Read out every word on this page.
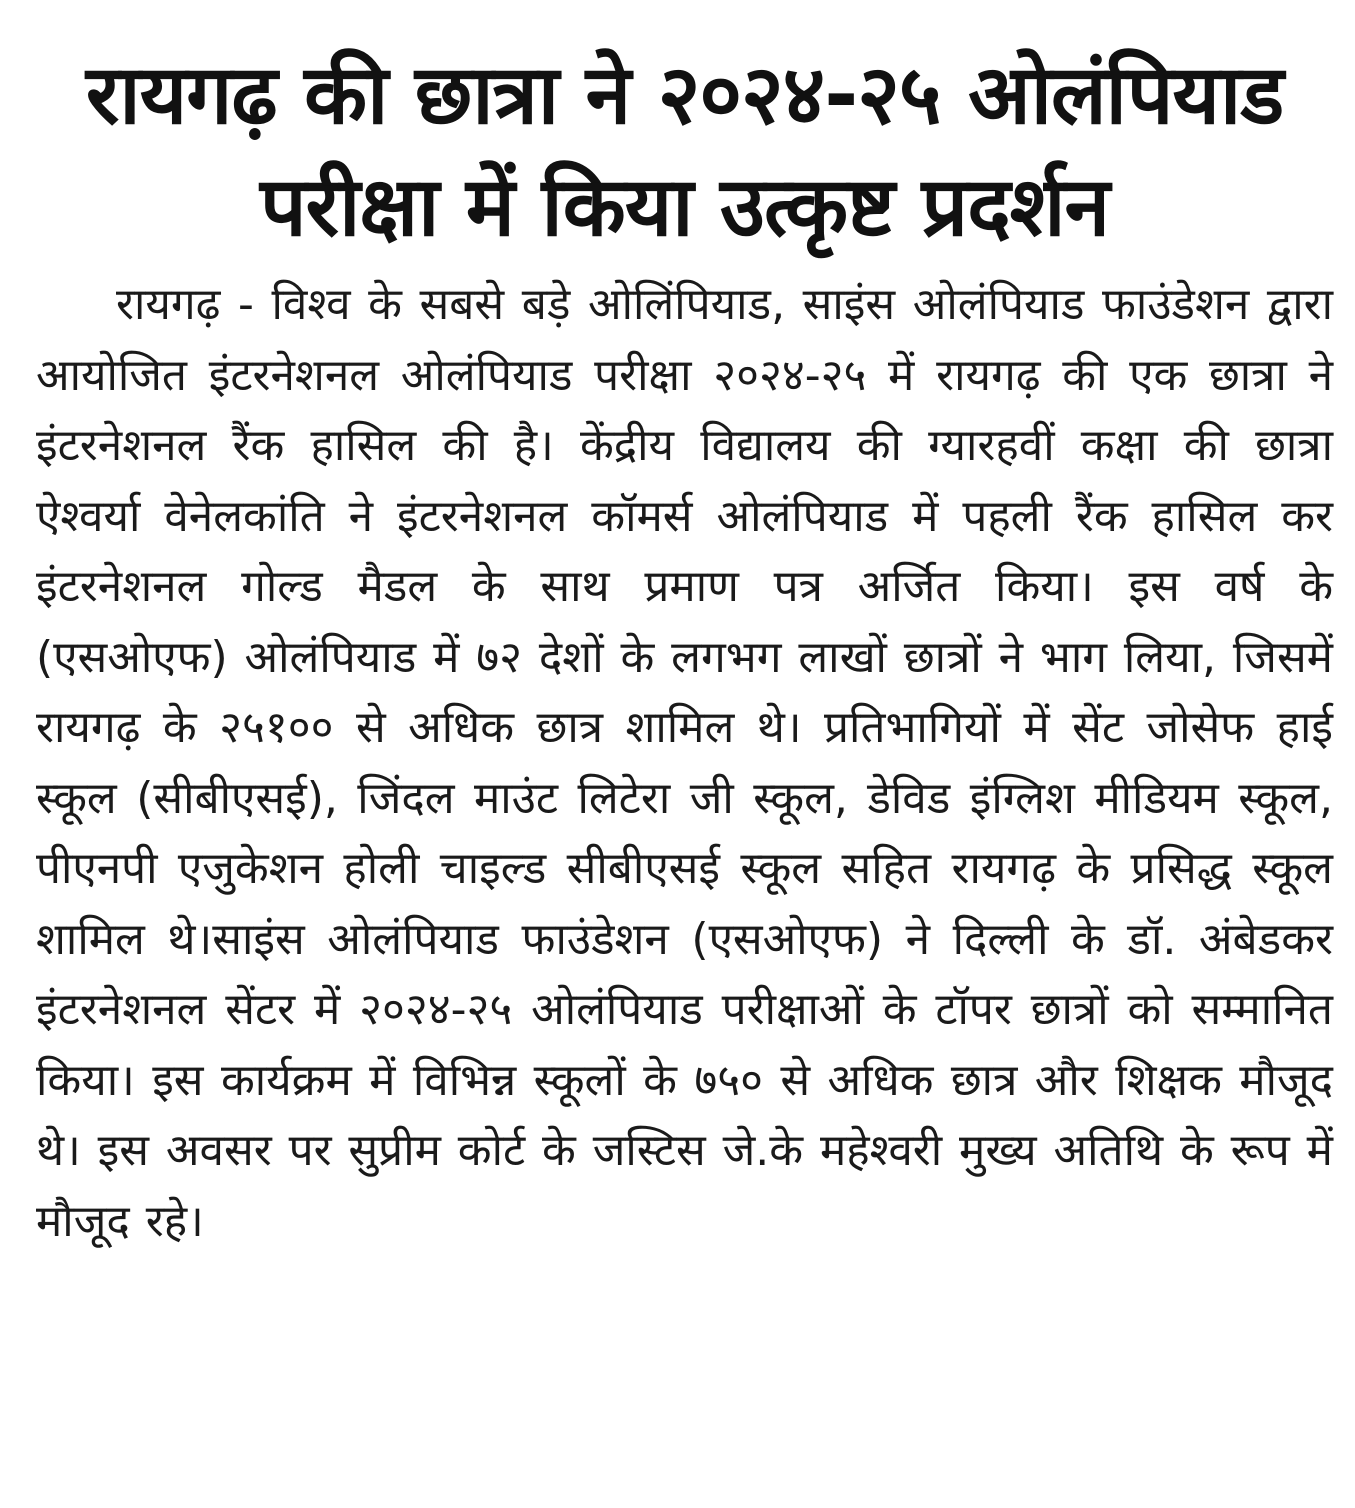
रायगढ़ की छात्रा ने २०२४-२५ ओलंपियाड
परीक्षा में किया उत्कृष्ट प्रदर्शन

रायगढ़ - विश्व के सबसे बड़े ओलिंपियाड, साइंस ओलंपियाड फाउंडेशन द्वारा आयोजित इंटरनेशनल ओलंपियाड परीक्षा २०२४-२५ में रायगढ़ की एक छात्रा ने इंटरनेशनल रैंक हासिल की है। केंद्रीय विद्यालय की ग्यारहवीं कक्षा की छात्रा ऐश्वर्या वेनेलकांति ने इंटरनेशनल कॉमर्स ओलंपियाड में पहली रैंक हासिल कर इंटरनेशनल गोल्ड मैडल के साथ प्रमाण पत्र अर्जित किया। इस वर्ष के (एसओएफ) ओलंपियाड में ७२ देशों के लगभग लाखों छात्रों ने भाग लिया, जिसमें रायगढ़ के २५१०० से अधिक छात्र शामिल थे। प्रतिभागियों में सेंट जोसेफ हाई स्कूल (सीबीएसई), जिंदल माउंट लिटेरा जी स्कूल, डेविड इंग्लिश मीडियम स्कूल, पीएनपी एजुकेशन होली चाइल्ड सीबीएसई स्कूल सहित रायगढ़ के प्रसिद्ध स्कूल शामिल थे।साइंस ओलंपियाड फाउंडेशन (एसओएफ) ने दिल्ली के डॉ. अंबेडकर इंटरनेशनल सेंटर में २०२४-२५ ओलंपियाड परीक्षाओं के टॉपर छात्रों को सम्मानित किया। इस कार्यक्रम में विभिन्न स्कूलों के ७५० से अधिक छात्र और शिक्षक मौजूद थे। इस अवसर पर सुप्रीम कोर्ट के जस्टिस जे.के महेश्वरी मुख्य अतिथि के रूप में मौजूद रहे।
